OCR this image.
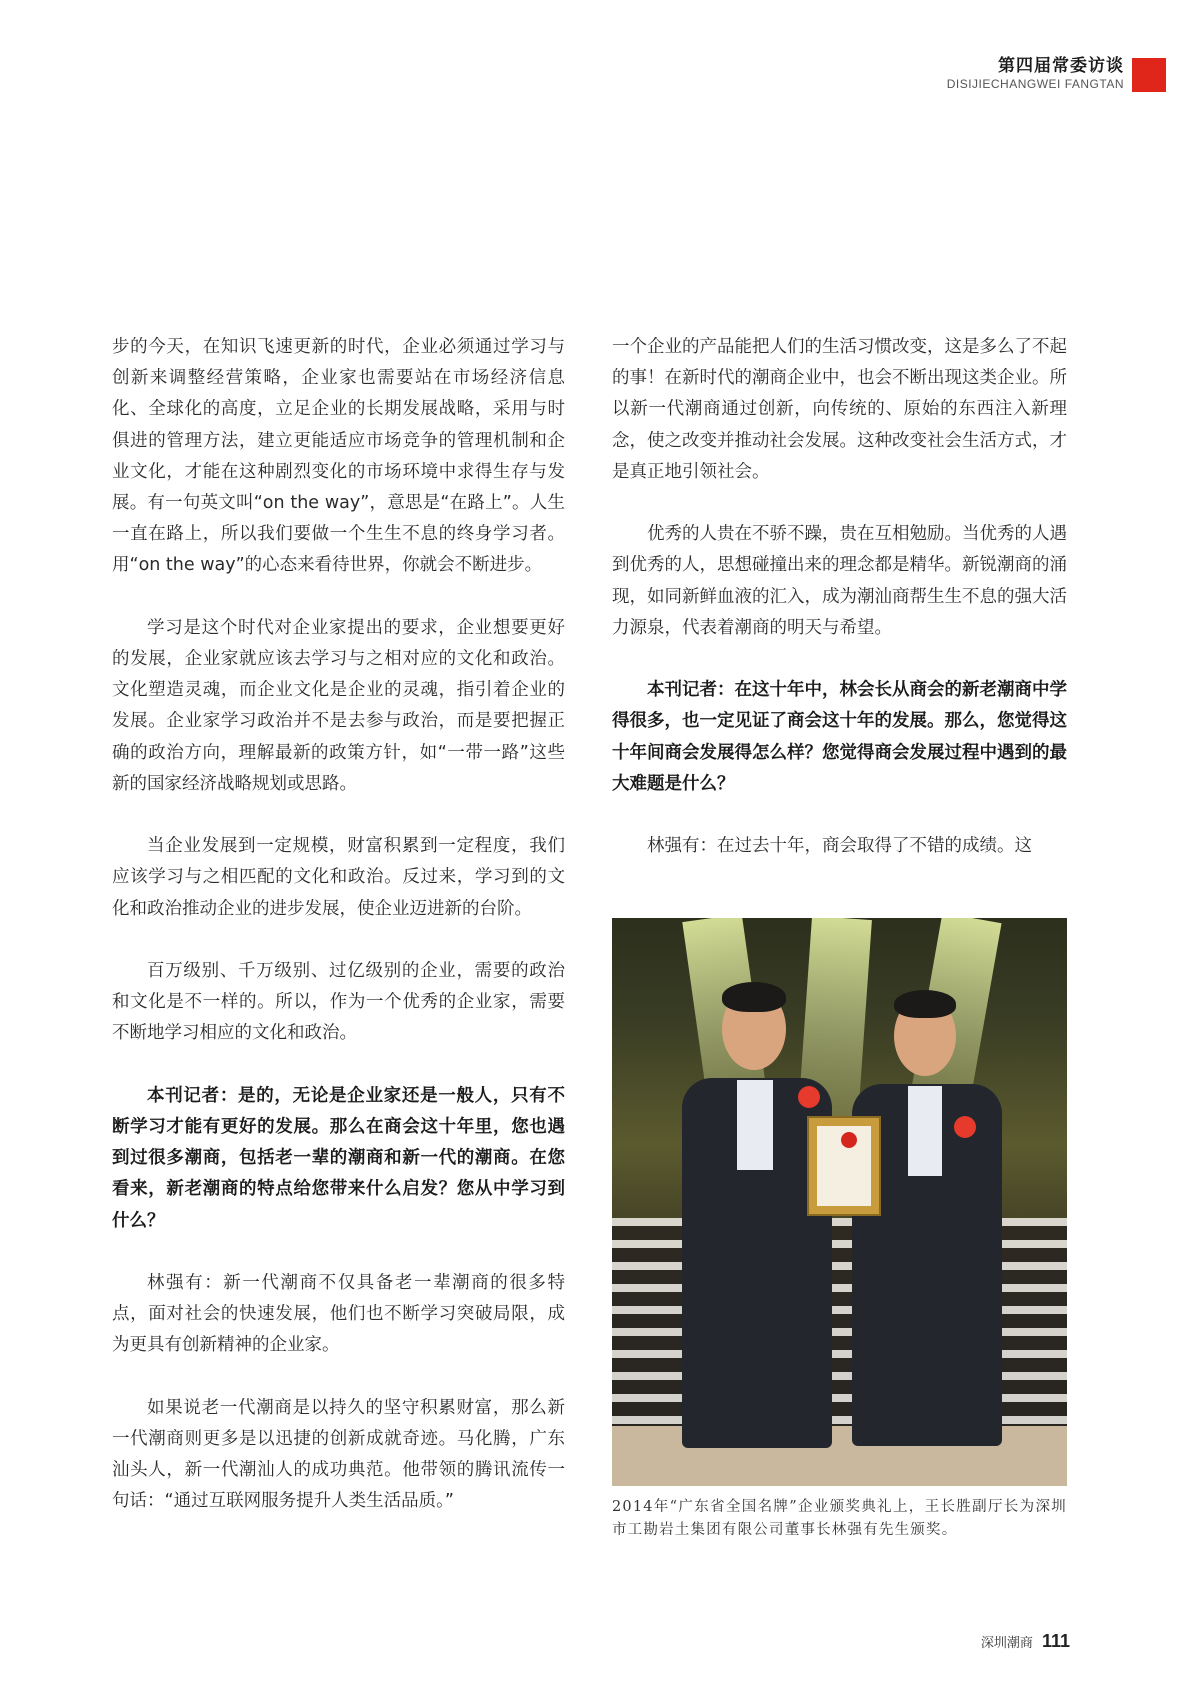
第四届常委访谈
DISIJIECHANGWEI FANGTAN

步的今天，在知识飞速更新的时代，企业必须通过学习与创新来调整经营策略，企业家也需要站在市场经济信息化、全球化的高度，立足企业的长期发展战略，采用与时俱进的管理方法，建立更能适应市场竞争的管理机制和企业文化，才能在这种剧烈变化的市场环境中求得生存与发展。有一句英文叫“on the way”，意思是“在路上”。人生一直在路上，所以我们要做一个生生不息的终身学习者。用“on the way”的心态来看待世界，你就会不断进步。

学习是这个时代对企业家提出的要求，企业想要更好的发展，企业家就应该去学习与之相对应的文化和政治。文化塑造灵魂，而企业文化是企业的灵魂，指引着企业的发展。企业家学习政治并不是去参与政治，而是要把握正确的政治方向，理解最新的政策方针，如“一带一路”这些新的国家经济战略规划或思路。

当企业发展到一定规模，财富积累到一定程度，我们应该学习与之相匹配的文化和政治。反过来，学习到的文化和政治推动企业的进步发展，使企业迈进新的台阶。

百万级别、千万级别、过亿级别的企业，需要的政治和文化是不一样的。所以，作为一个优秀的企业家，需要不断地学习相应的文化和政治。

本刊记者：是的，无论是企业家还是一般人，只有不断学习才能有更好的发展。那么在商会这十年里，您也遇到过很多潮商，包括老一辈的潮商和新一代的潮商。在您看来，新老潮商的特点给您带来什么启发？您从中学习到什么？

林强有：新一代潮商不仅具备老一辈潮商的很多特点，面对社会的快速发展，他们也不断学习突破局限，成为更具有创新精神的企业家。

如果说老一代潮商是以持久的坚守积累财富，那么新一代潮商则更多是以迅捷的创新成就奇迹。马化腾，广东汕头人，新一代潮汕人的成功典范。他带领的腾讯流传一句话：“通过互联网服务提升人类生活品质。”

一个企业的产品能把人们的生活习惯改变，这是多么了不起的事！在新时代的潮商企业中，也会不断出现这类企业。所以新一代潮商通过创新，向传统的、原始的东西注入新理念，使之改变并推动社会发展。这种改变社会生活方式，才是真正地引领社会。

优秀的人贵在不骄不躁，贵在互相勉励。当优秀的人遇到优秀的人，思想碰撞出来的理念都是精华。新锐潮商的涌现，如同新鲜血液的汇入，成为潮汕商帮生生不息的强大活力源泉，代表着潮商的明天与希望。

本刊记者：在这十年中，林会长从商会的新老潮商中学得很多，也一定见证了商会这十年的发展。那么，您觉得这十年间商会发展得怎么样？您觉得商会发展过程中遇到的最大难题是什么？

林强有：在过去十年，商会取得了不错的成绩。这

2014年“广东省全国名牌”企业颁奖典礼上，王长胜副厅长为深圳市工勘岩土集团有限公司董事长林强有先生颁奖。
深圳潮商 111
